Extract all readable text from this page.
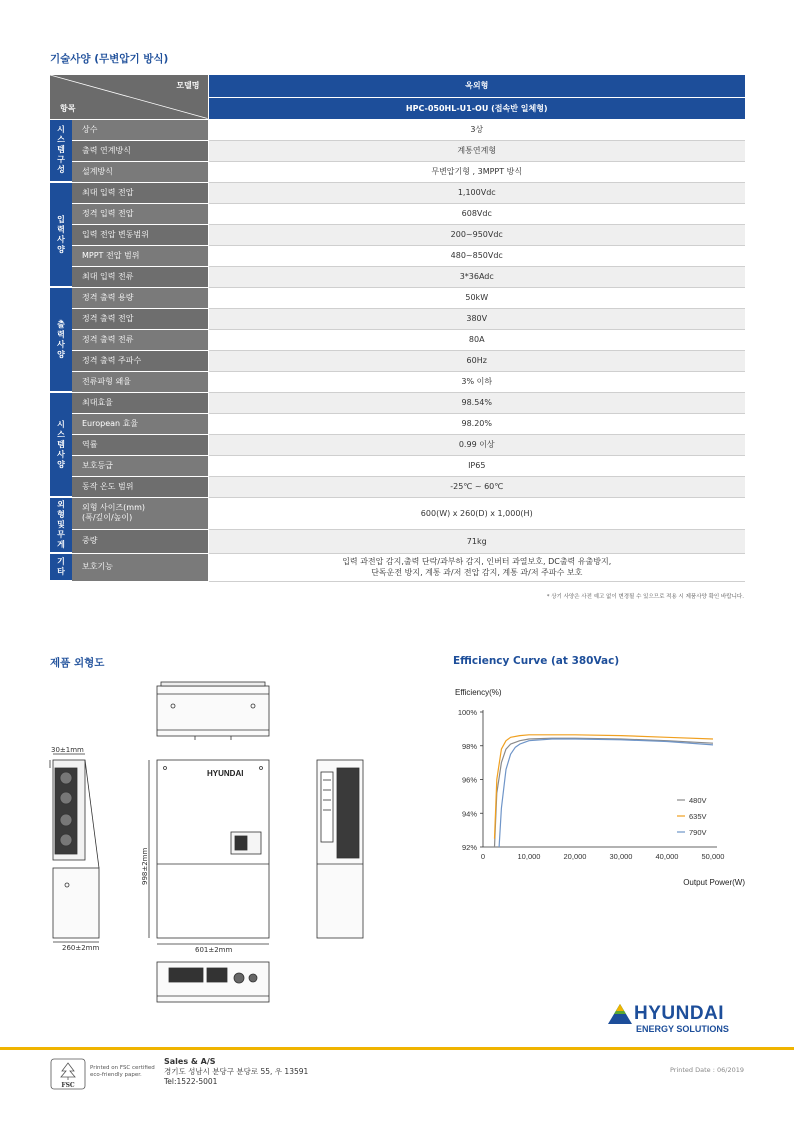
기술사양 (무변압기 방식)
모델명
항목		옥외형
		HPC-050HL-U1-OU (접속반 일체형)
시
스
템
구
성	상수	3상
	출력 연계방식	계통연계형
	설계방식	무변압기형 , 3MPPT 방식
입
력
사
양	최대 입력 전압	1,100Vdc
	정격 입력 전압	608Vdc
	입력 전압 변동범위	200~950Vdc
	MPPT 전압 범위	480~850Vdc
	최대 입력 전류	3*36Adc
출
력
사
양	정격 출력 용량	50kW
	정격 출력 전압	380V
	정격 출력 전류	80A
	정격 출력 주파수	60Hz
	전류파형 왜율	3% 이하
시
스
템
사
양	최대효율	98.54%
	European 효율	98.20%
	역률	0.99 이상
	보호등급	IP65
	동작 온도 범위	-25℃ ~ 60℃
외
형
및
무
게	외형 사이즈(mm)
(폭/깊이/높이)	600(W) x 260(D) x 1,000(H)
	중량	71kg
기
타	보호기능	입력 과전압 감지,출력 단락/과부하 감지, 인버터 과열보호, DC출력 유출방지,
단독운전 방지, 계통 과/저 전압 감지, 계통 과/저 주파수 보호
* 상기 사양은 사전 예고 없이 변경될 수 있으므로 적용 시 제품사양 확인 바랍니다.
제품 외형도
30±1mm
260±2mm
HYUNDAI
998±2mm
601±2mm
Efficiency Curve (at 380Vac)
Efficiency(%)
Output Power(W)
92%
94%
96%
98%
100%
0	10,000	20,000	30,000	40,000	50,000
480V
635V
790V
HYUNDAI
ENERGY SOLUTIONS
FSC
Printed on FSC certified eco-friendly paper.
Sales & A/S
경기도 성남시 분당구 분당로 55, 우 13591
Tel:1522-5001
Printed Date : 06/2019
